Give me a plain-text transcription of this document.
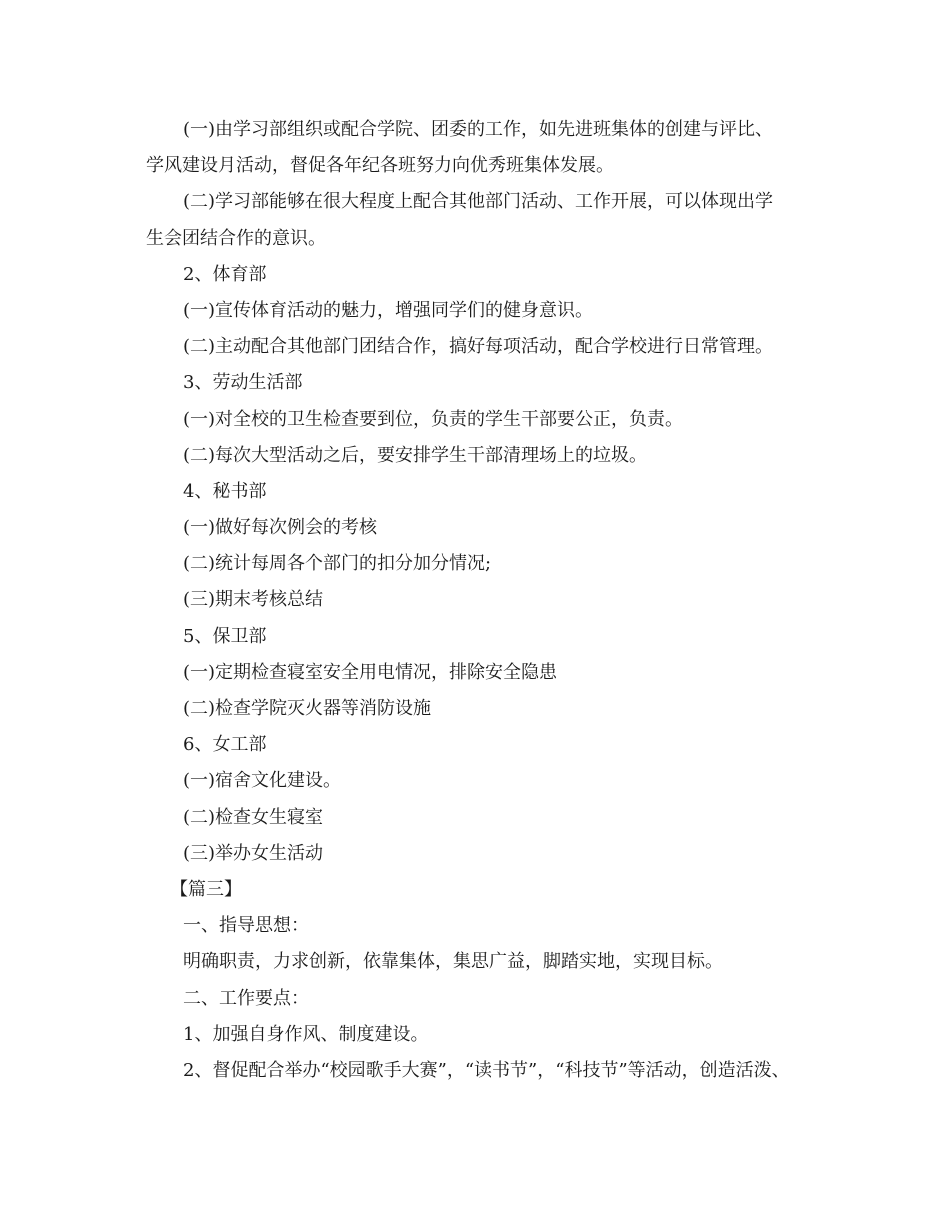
(一)由学习部组织或配合学院、团委的工作，如先进班集体的创建与评比、

学风建设月活动，督促各年纪各班努力向优秀班集体发展。

(二)学习部能够在很大程度上配合其他部门活动、工作开展，可以体现出学

生会团结合作的意识。

2、体育部

(一)宣传体育活动的魅力，增强同学们的健身意识。

(二)主动配合其他部门团结合作，搞好每项活动，配合学校进行日常管理。

3、劳动生活部

(一)对全校的卫生检查要到位，负责的学生干部要公正，负责。

(二)每次大型活动之后，要安排学生干部清理场上的垃圾。

4、秘书部

(一)做好每次例会的考核

(二)统计每周各个部门的扣分加分情况;

(三)期末考核总结

5、保卫部

(一)定期检查寝室安全用电情况，排除安全隐患

(二)检查学院灭火器等消防设施

6、女工部

(一)宿舍文化建设。

(二)检查女生寝室

(三)举办女生活动

【篇三】

一、指导思想：

明确职责，力求创新，依靠集体，集思广益，脚踏实地，实现目标。

二、工作要点：

1、加强自身作风、制度建设。

2、督促配合举办“校园歌手大赛”，“读书节”，“科技节”等活动，创造活泼、
